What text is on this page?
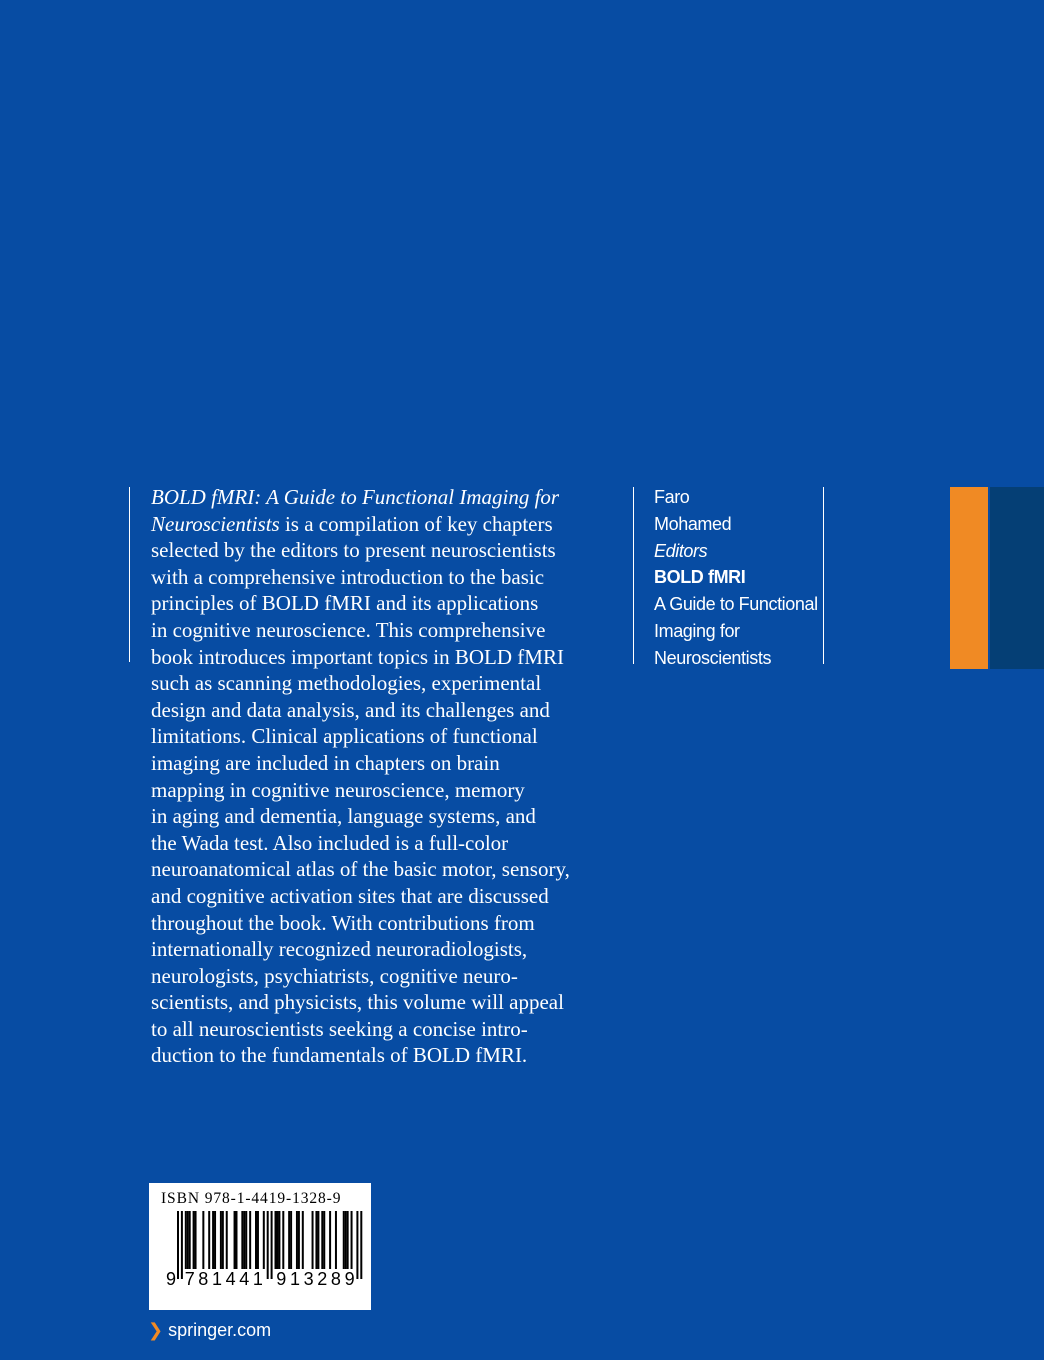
BOLD fMRI: A Guide to Functional Imaging for
Neuroscientists is a compilation of key chapters
selected by the editors to present neuroscientists
with a comprehensive introduction to the basic
principles of BOLD fMRI and its applications
in cognitive neuroscience. This comprehensive
book introduces important topics in BOLD fMRI
such as scanning methodologies, experimental
design and data analysis, and its challenges and
limitations. Clinical applications of functional
imaging are included in chapters on brain
mapping in cognitive neuroscience, memory
in aging and dementia, language systems, and
the Wada test. Also included is a full-color
neuroanatomical atlas of the basic motor, sensory,
and cognitive activation sites that are discussed
throughout the book. With contributions from
internationally recognized neuroradiologists,
neurologists, psychiatrists, cognitive neuro-
scientists, and physicists, this volume will appeal
to all neuroscientists seeking a concise intro-
duction to the fundamentals of BOLD fMRI.
Faro
Mohamed
Editors
BOLD fMRI
A Guide to Functional
Imaging for
Neuroscientists
ISBN 978-1-4419-1328-9
9 7 8 1 4 4 1 9 1 3 2 8 9
❯ springer.com
